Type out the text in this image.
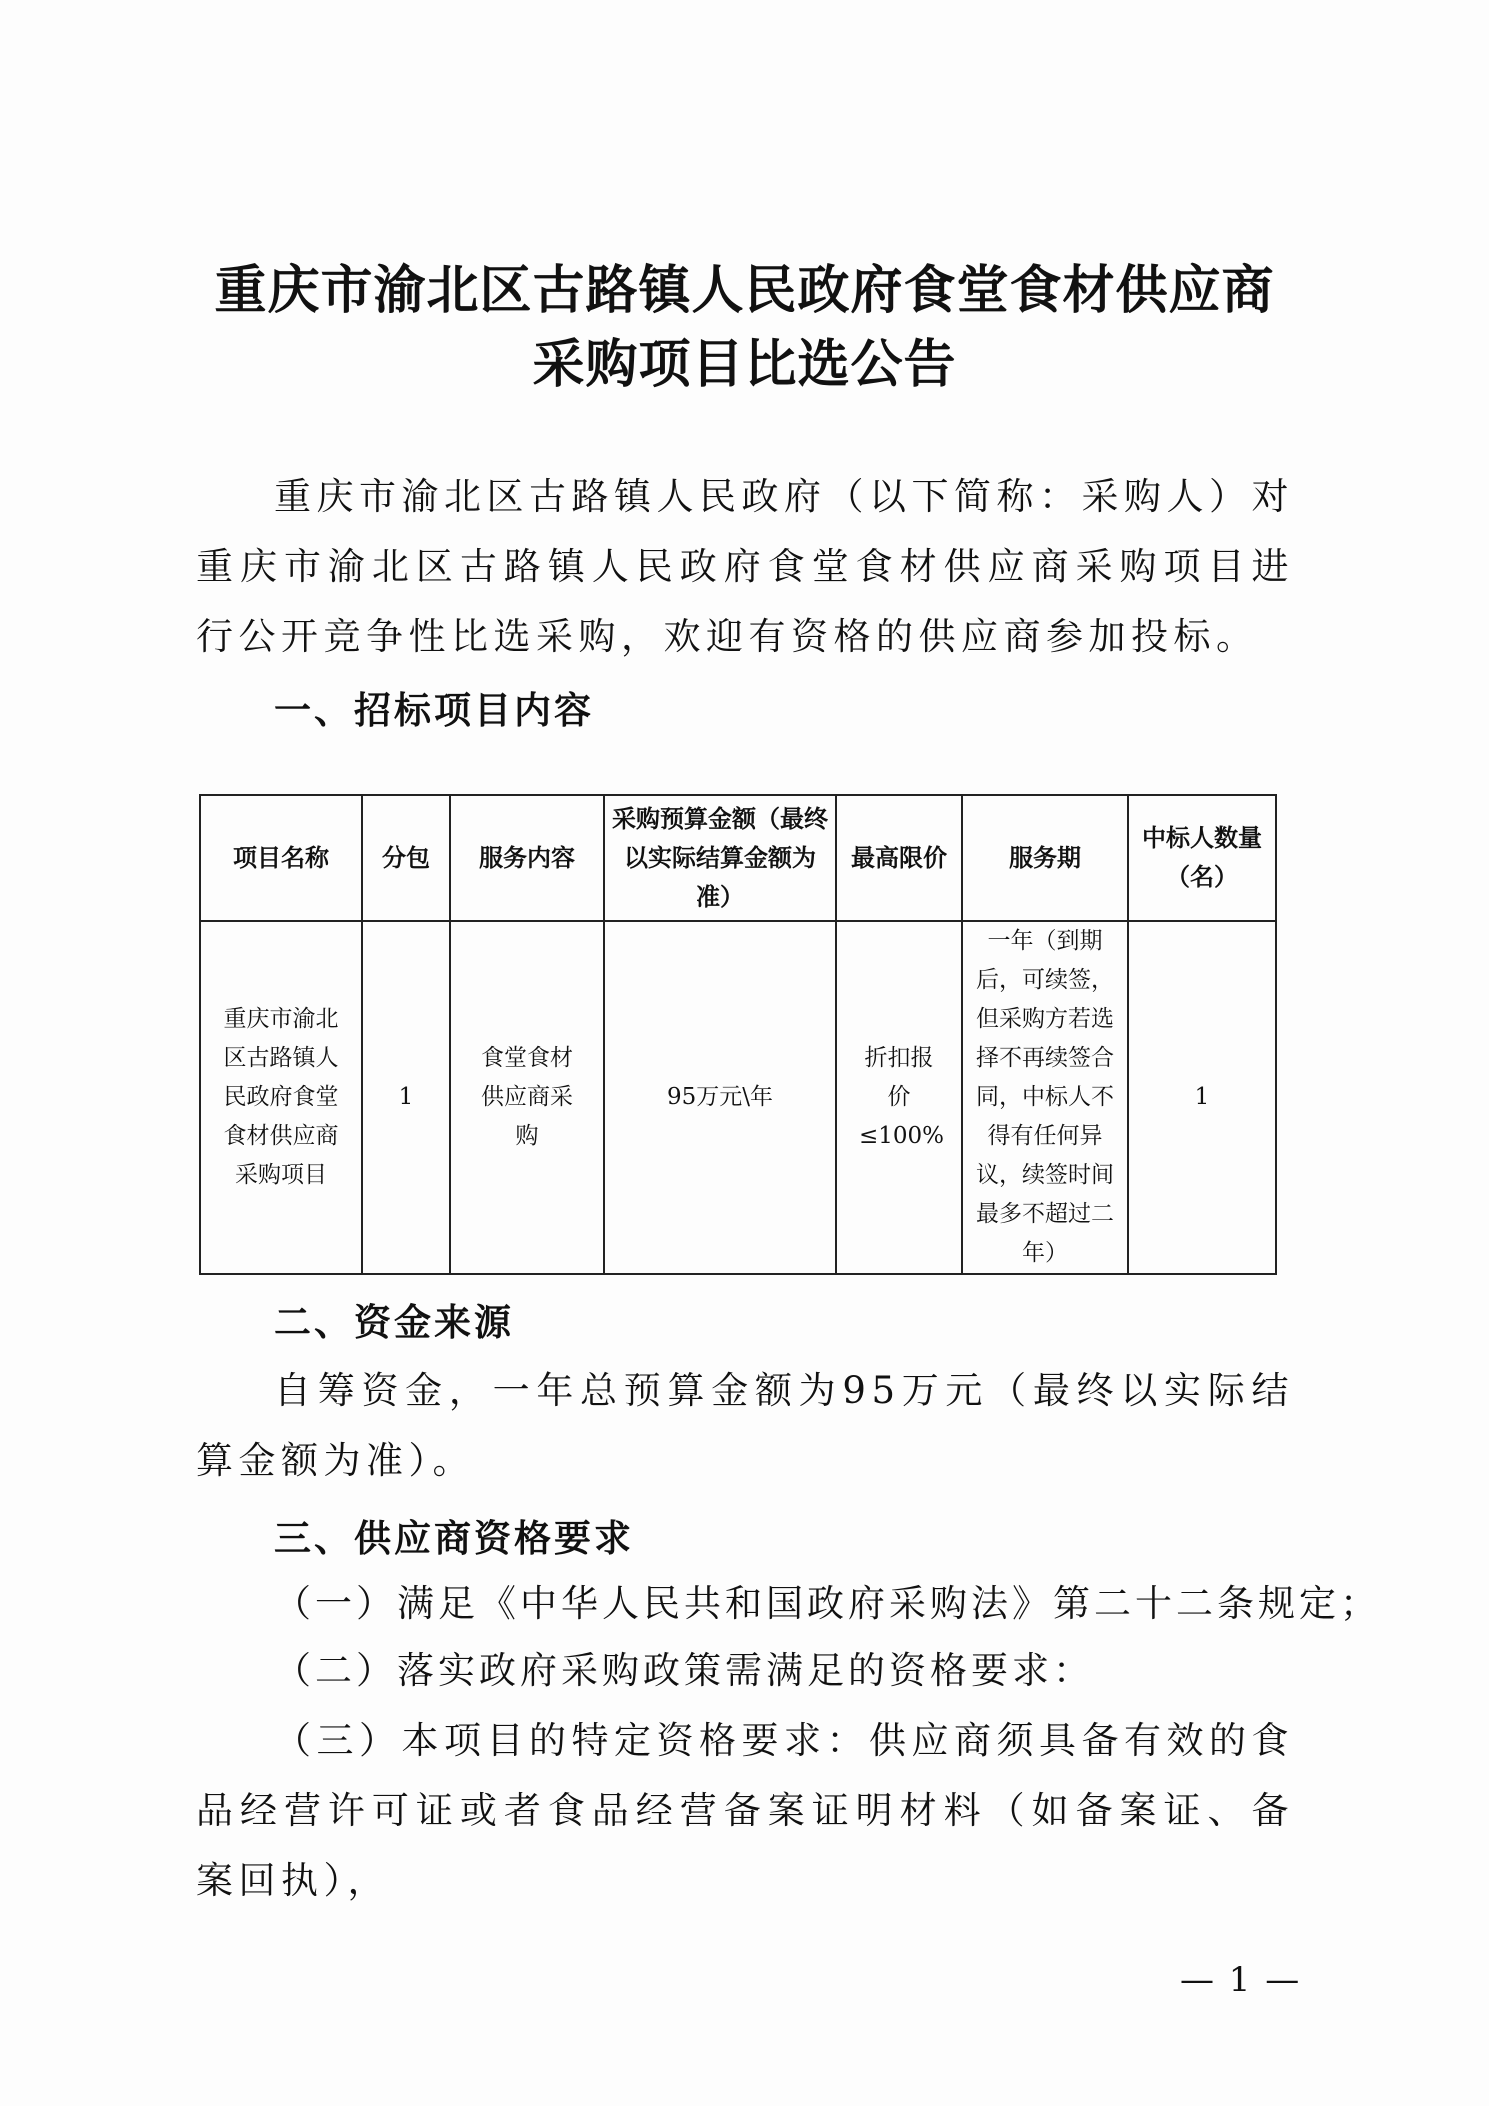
重庆市渝北区古路镇人民政府食堂食材供应商
采购项目比选公告

重庆市渝北区古路镇人民政府（以下简称：采购人）对重庆市渝北区古路镇人民政府食堂食材供应商采购项目进行公开竞争性比选采购，欢迎有资格的供应商参加投标。

一、招标项目内容
项目名称	分包	服务内容	采购预算金额（最终以实际结算金额为准）	最高限价	服务期	中标人数量（名）
重庆市渝北区古路镇人民政府食堂食材供应商采购项目	1	食堂食材供应商采购	95万元\年	折扣报价≤100%	一年（到期后，可续签，但采购方若选择不再续签合同，中标人不得有任何异议，续签时间最多不超过二年）	1
二、资金来源

自筹资金，一年总预算金额为95万元（最终以实际结算金额为准）。

三、供应商资格要求

（一）满足《中华人民共和国政府采购法》第二十二条规定；

（二）落实政府采购政策需满足的资格要求：

（三）本项目的特定资格要求：供应商须具备有效的食品经营许可证或者食品经营备案证明材料（如备案证、备案回执），

— 1 —
